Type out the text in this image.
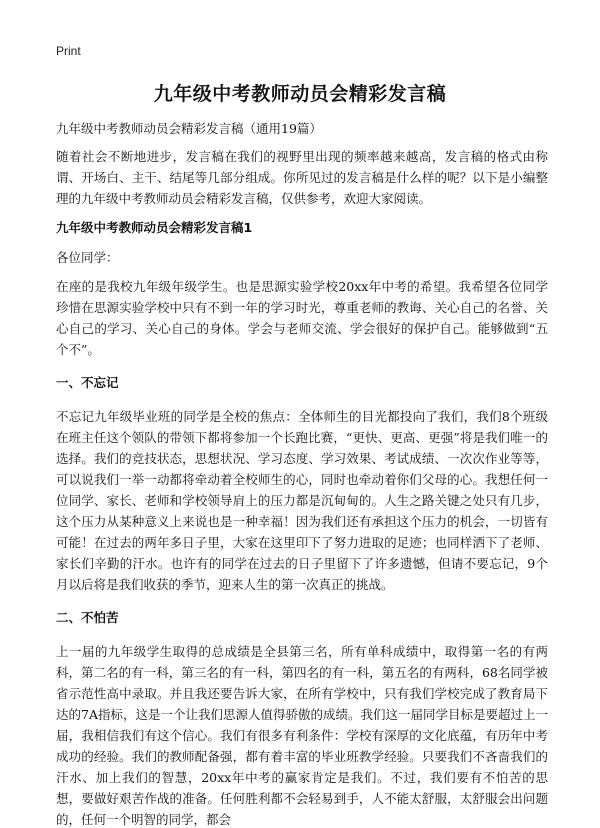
Print
九年级中考教师动员会精彩发言稿

九年级中考教师动员会精彩发言稿（通用19篇）

随着社会不断地进步，发言稿在我们的视野里出现的频率越来越高，发言稿的格式由称谓、开场白、主干、结尾等几部分组成。你所见过的发言稿是什么样的呢？以下是小编整理的九年级中考教师动员会精彩发言稿，仅供参考，欢迎大家阅读。

九年级中考教师动员会精彩发言稿1

各位同学：

在座的是我校九年级年级学生。也是思源实验学校20xx年中考的希望。我希望各位同学珍惜在思源实验学校中只有不到一年的学习时光，尊重老师的教诲、关心自己的名誉、关心自己的学习、关心自己的身体。学会与老师交流、学会很好的保护自己。能够做到“五个不”。

一、不忘记

不忘记九年级毕业班的同学是全校的焦点：全体师生的目光都投向了我们，我们8个班级在班主任这个领队的带领下都将参加一个长跑比赛，“更快、更高、更强”将是我们唯一的选择。我们的竞技状态，思想状况、学习态度、学习效果、考试成绩、一次次作业等等，可以说我们一举一动都将牵动着全校师生的心，同时也牵动着你们父母的心。我想任何一位同学、家长、老师和学校领导肩上的压力都是沉甸甸的。人生之路关键之处只有几步，这个压力从某种意义上来说也是一种幸福！因为我们还有承担这个压力的机会，一切皆有可能！在过去的两年多日子里，大家在这里印下了努力进取的足迹；也同样洒下了老师、家长们辛勤的汗水。也许有的同学在过去的日子里留下了许多遗憾，但请不要忘记，9个月以后将是我们收获的季节，迎来人生的第一次真正的挑战。

二、不怕苦

上一届的九年级学生取得的总成绩是全县第三名，所有单科成绩中，取得第一名的有两科，第二名的有一科，第三名的有一科，第四名的有一科，第五名的有两科，68名同学被省示范性高中录取。并且我还要告诉大家，在所有学校中，只有我们学校完成了教育局下达的7A指标，这是一个让我们思源人值得骄傲的成绩。我们这一届同学目标是要超过上一届，我相信我们有这个信心。我们有很多有利条件：学校有深厚的文化底蕴，有历年中考成功的经验。我们的教师配备强，都有着丰富的毕业班教学经验。只要我们不吝啬我们的汗水、加上我们的智慧，20xx年中考的赢家肯定是我们。不过，我们要有不怕苦的思想，要做好艰苦作战的准备。任何胜利都不会轻易到手，人不能太舒服，太舒服会出问题的，任何一个明智的同学，都会
